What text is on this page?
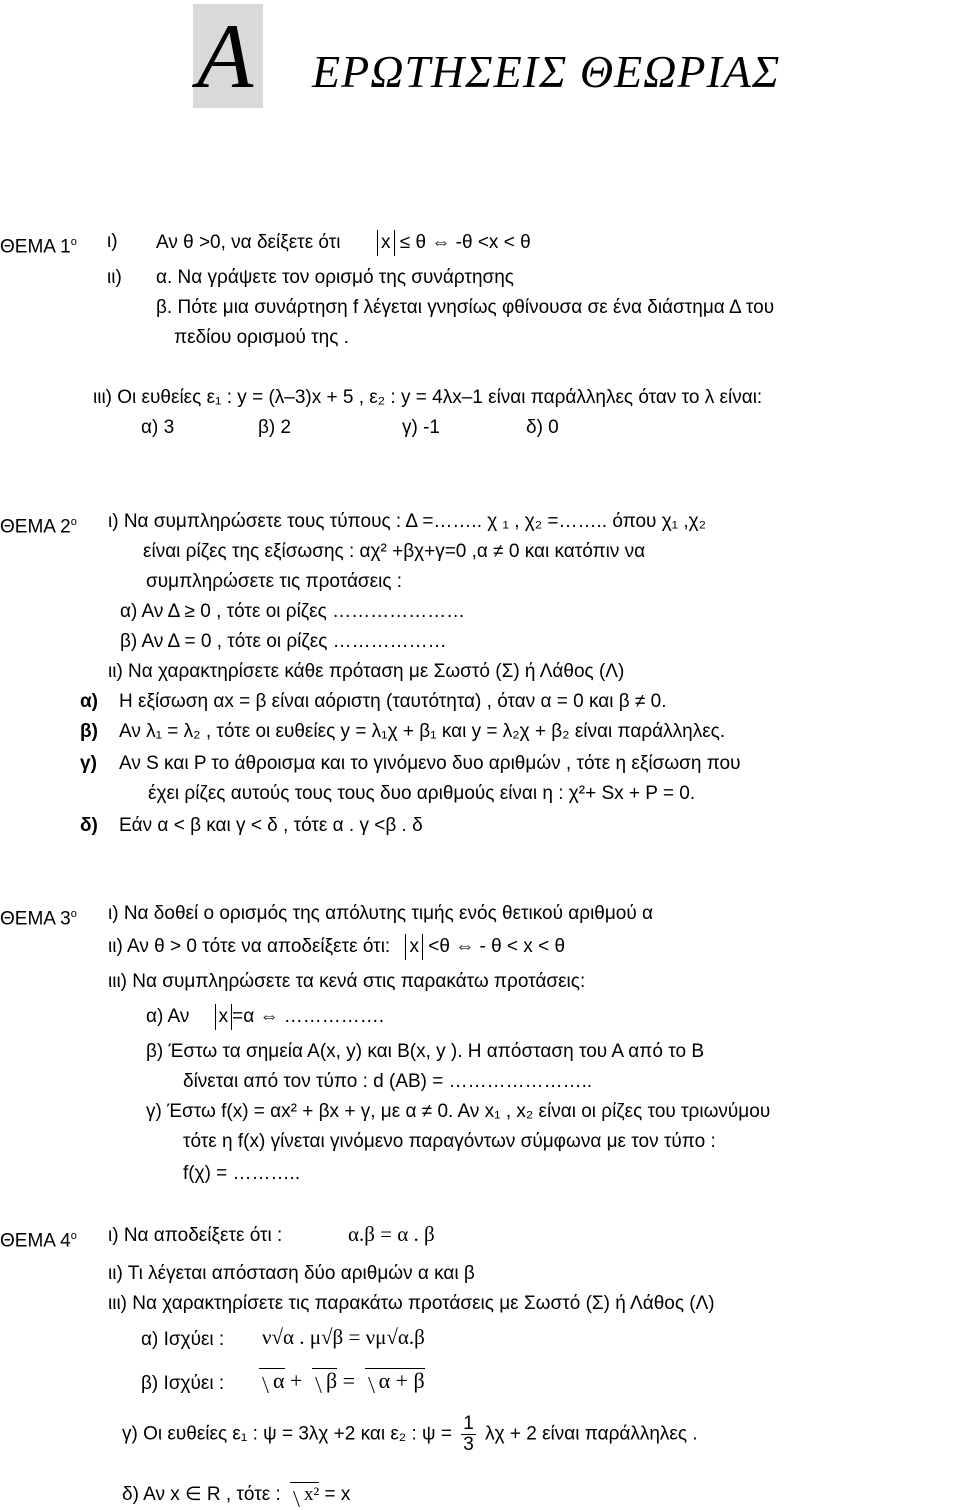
Α ΕΡΩΤΗΣΕΙΣ ΘΕΩΡΙΑΣ
ΘΕΜΑ $1^o$ ι) Αν θ >0, να δείξετε ότι x ≤ θ ⇔ -θ <x < θ
ιι) α. Να γράψετε τον ορισμό της συνάρτησης
β. Πότε μια συνάρτηση f λέγεται γνησίως φθίνουσα σε ένα διάστημα Δ του
πεδίου ορισμού της .
ιιι) Οι ευθείες ε₁ : y = (λ–3)x + 5 , ε₂ : y = 4λx–1 είναι παράλληλες όταν το λ είναι:
α) 3	β) 2	γ) -1	δ) 0
ΘΕΜΑ $2^o$ ι) Να συμπληρώσετε τους τύπους : Δ =…….. χ ₁ , χ₂ =…….. όπου χ₁ ,χ₂
είναι ρίζες της εξίσωσης : αχ² +βχ+γ=0 ,α ≠ 0 και κατόπιν να
συμπληρώσετε τις προτάσεις :
α) Αν Δ ≥ 0 , τότε οι ρίζες …………………
β) Αν Δ = 0 , τότε οι ρίζες ………………
ιι) Να χαρακτηρίσετε κάθε πρόταση με Σωστό (Σ) ή Λάθος (Λ)
α) Η εξίσωση αx = β είναι αόριστη (ταυτότητα) , όταν α = 0 και β ≠ 0.
β) Αν λ₁ = λ₂ , τότε οι ευθείες y = λ₁χ + β₁ και y = λ₂χ + β₂ είναι παράλληλες.
γ) Αν S και P το άθροισμα και το γινόμενο δυο αριθμών , τότε η εξίσωση που
έχει ρίζες αυτούς τους τους δυο αριθμούς είναι η : χ²+ Sx + P = 0.
δ) Εάν α < β και γ < δ , τότε α . γ <β . δ
ΘΕΜΑ $3^o$ ι) Να δοθεί ο ορισμός της απόλυτης τιμής ενός θετικού αριθμού α
ιι) Αν θ > 0 τότε να αποδείξετε ότι: x <θ ⇔ - θ < x < θ
ιιι) Να συμπληρώσετε τα κενά στις παρακάτω προτάσεις:
α) Αν x =α ⇔ …………….
β) Έστω τα σημεία Α(x, y) και Β(x, y ). Η απόσταση του Α από το Β
δίνεται από τον τύπο : d (AB) = …………………..
γ) Έστω f(x) = αx² + βx + γ, με α ≠ 0. Αν x₁ , x₂ είναι οι ρίζες του τριωνύμου
τότε η f(x) γίνεται γινόμενο παραγόντων σύμφωνα με τον τύπο :
f(χ) = ………..
ΘΕΜΑ $4^o$ ι) Να αποδείξετε ότι :	α.β = α . β
ιι) Τι λέγεται απόσταση δύο αριθμών α και β
ιιι) Να χαρακτηρίσετε τις παρακάτω προτάσεις με Σωστό (Σ) ή Λάθος (Λ)
α) Ισχύει : ν√α . μ√β = νμ√α.β
β) Ισχύει :	α + β = α + β
γ) Οι ευθείες ε₁ : ψ = 3λχ +2 και ε₂ : $\psi = \frac{1}{3}$ λχ + 2 είναι παράλληλες .
δ) Αν x ∈ R , τότε : x² = x
